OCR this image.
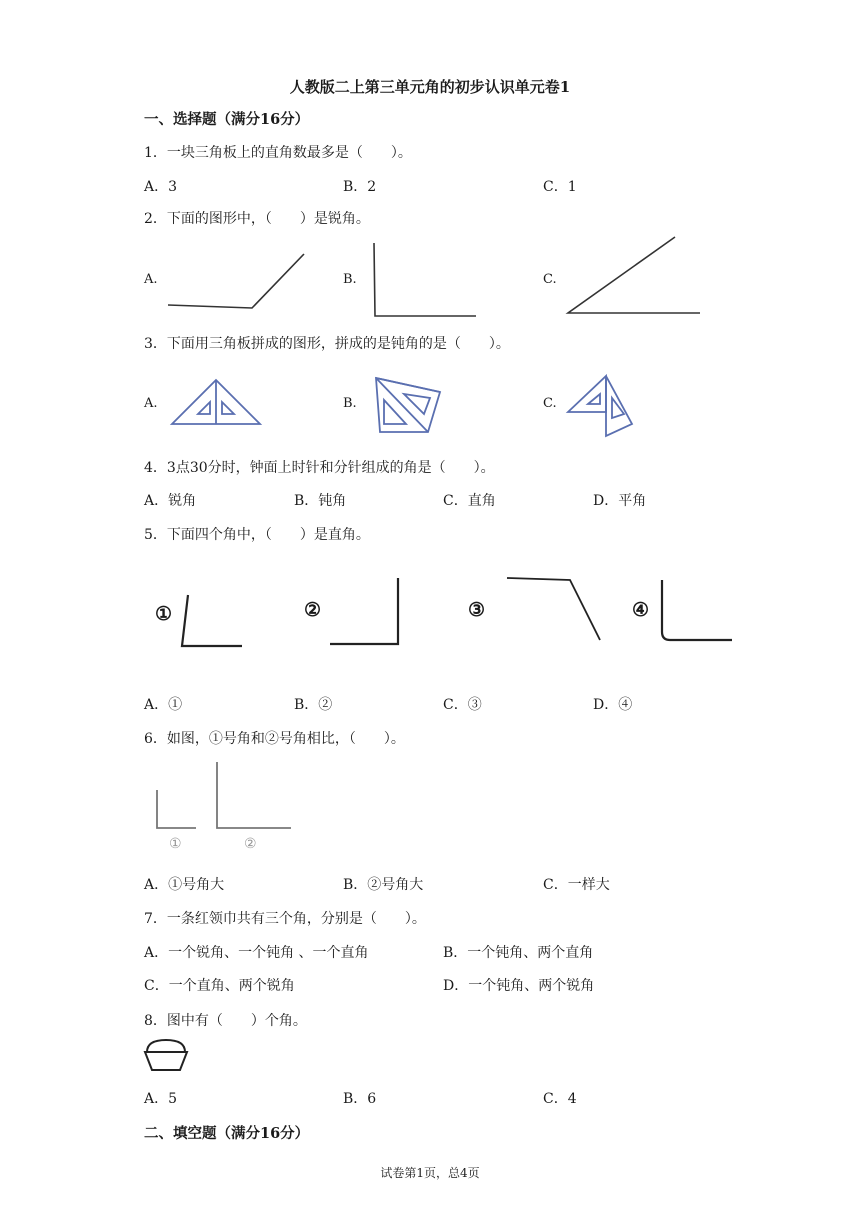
人教版二上第三单元角的初步认识单元卷1
一、选择题（满分16分）
1．一块三角板上的直角数最多是（　　）。
A．3	B．2	C．1
2．下面的图形中，（　　）是锐角。
A.	B.	C.
3．下面用三角板拼成的图形，拼成的是钝角的是（　　）。
A.	B.	C.
4．3点30分时，钟面上时针和分针组成的角是（　　）。
A．锐角	B．钝角	C．直角	D．平角
5．下面四个角中，（　　）是直角。
①	②	③	④
A．①	B．②	C．③	D．④
6．如图，①号角和②号角相比，（　　）。
①	②
A．①号角大	B．②号角大	C．一样大
7．一条红领巾共有三个角，分别是（　　）。
A．一个锐角、一个钝角 、一个直角	B．一个钝角、两个直角
C．一个直角、两个锐角	D．一个钝角、两个锐角
8．图中有（　　）个角。
A．5	B．6	C．4
二、填空题（满分16分）
试卷第1页，总4页
